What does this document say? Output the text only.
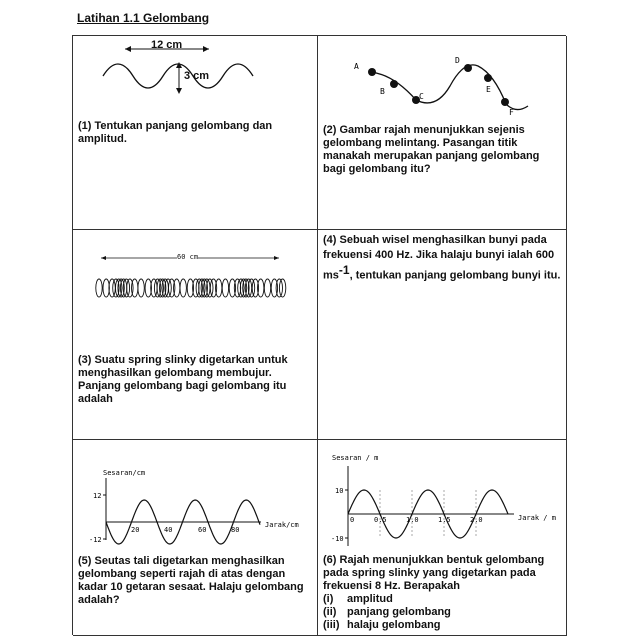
Latihan 1.1 Gelombang
12 cm
3 cm
(1) Tentukan panjang gelombang dan amplitud.
A
B
C
D
E
F
(2) Gambar rajah menunjukkan sejenis gelombang melintang. Pasangan titik manakah merupakan panjang gelombang bagi gelombang itu?
60 cm
(3) Suatu spring slinky digetarkan untuk menghasilkan gelombang membujur. Panjang gelombang bagi gelombang itu adalah
(4) Sebuah wisel menghasilkan bunyi pada frekuensi 400 Hz. Jika halaju bunyi ialah 600 ms-1, tentukan panjang gelombang bunyi itu.
Sesaran/cm
Jarak/cm
12
-12
20	40	60	80
(5) Seutas tali digetarkan menghasilkan gelombang seperti rajah di atas dengan kadar 10 getaran sesaat. Halaju gelombang adalah?
Sesaran / m
Jarak / m
10
-10
0	0.5	1.0	1.5	2.0
(6) Rajah menunjukkan bentuk gelombang pada spring slinky yang digetarkan pada frekuensi 8 Hz. Berapakah
(i)	amplitud
(ii) panjang gelombang
(iii) halaju gelombang
